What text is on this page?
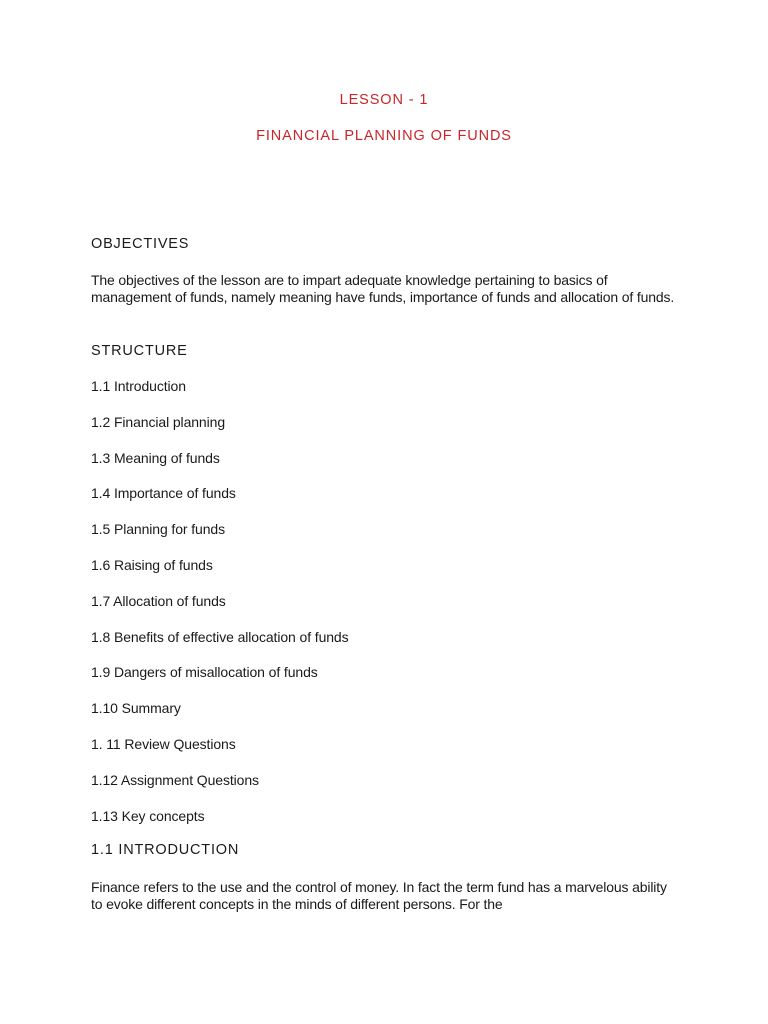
LESSON - 1
FINANCIAL PLANNING OF FUNDS
OBJECTIVES
The objectives of the lesson are to impart adequate knowledge pertaining to basics of management of funds, namely meaning have funds, importance of funds and allocation of funds.
STRUCTURE
1.1 Introduction
1.2 Financial planning
1.3 Meaning of funds
1.4 Importance of funds
1.5 Planning for funds
1.6 Raising of funds
1.7 Allocation of funds
1.8 Benefits of effective allocation of funds
1.9 Dangers of misallocation of funds
1.10 Summary
1. 11 Review Questions
1.12 Assignment Questions
1.13 Key concepts
1.1 INTRODUCTION
Finance refers to the use and the control of money. In fact the term fund has a marvelous ability to evoke different concepts in the minds of different persons. For the
